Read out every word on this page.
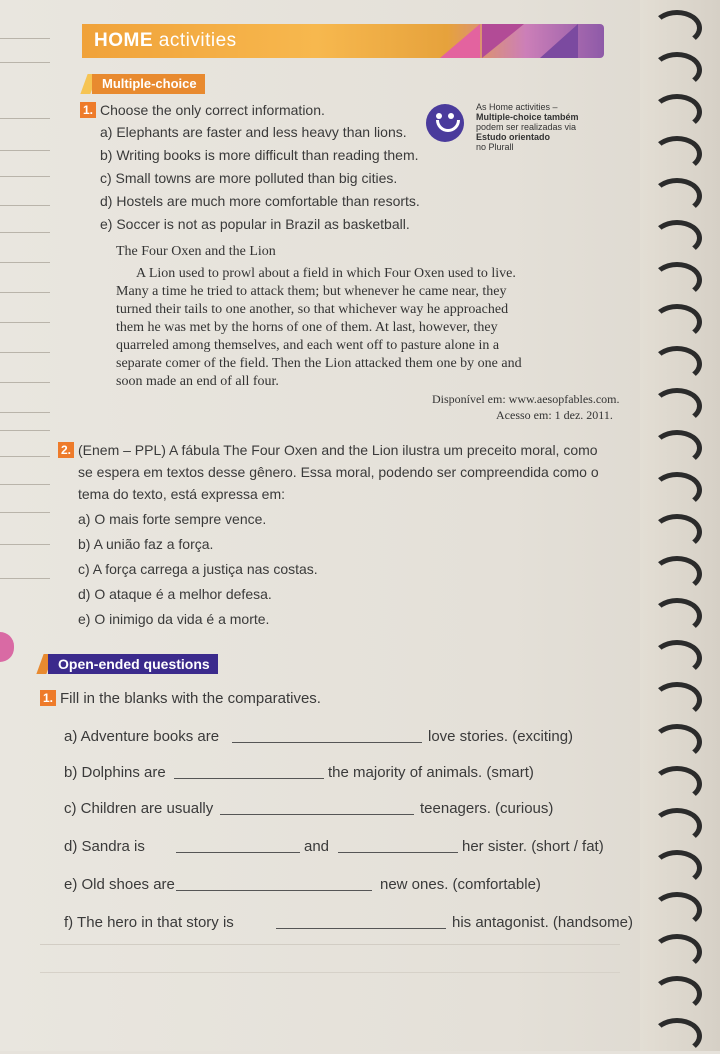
HOME activities
Multiple-choice
1. Choose the only correct information.
a) Elephants are faster and less heavy than lions.
b) Writing books is more difficult than reading them.
c) Small towns are more polluted than big cities.
d) Hostels are much more comfortable than resorts.
e) Soccer is not as popular in Brazil as basketball.
As Home activities –
Multiple-choice também
podem ser realizadas via
Estudo orientado
no Plurall
The Four Oxen and the Lion
A Lion used to prowl about a field in which Four Oxen used to live.
Many a time he tried to attack them; but whenever he came near, they
turned their tails to one another, so that whichever way he approached
them he was met by the horns of one of them. At last, however, they
quarreled among themselves, and each went off to pasture alone in a
separate comer of the field. Then the Lion attacked them one by one and
soon made an end of all four.
Disponível em: www.aesopfables.com.
Acesso em: 1 dez. 2011.
2. (Enem – PPL) A fábula The Four Oxen and the Lion ilustra um preceito moral, como
se espera em textos desse gênero. Essa moral, podendo ser compreendida como o
tema do texto, está expressa em:
a) O mais forte sempre vence.
b) A união faz a força.
c) A força carrega a justiça nas costas.
d) O ataque é a melhor defesa.
e) O inimigo da vida é a morte.
Open-ended questions
1. Fill in the blanks with the comparatives.
a) Adventure books are	love stories. (exciting)
b) Dolphins are	the majority of animals. (smart)
c) Children are usually	teenagers. (curious)
d) Sandra is	and	her sister. (short / fat)
e) Old shoes are	new ones. (comfortable)
f) The hero in that story is	his antagonist. (handsome)
